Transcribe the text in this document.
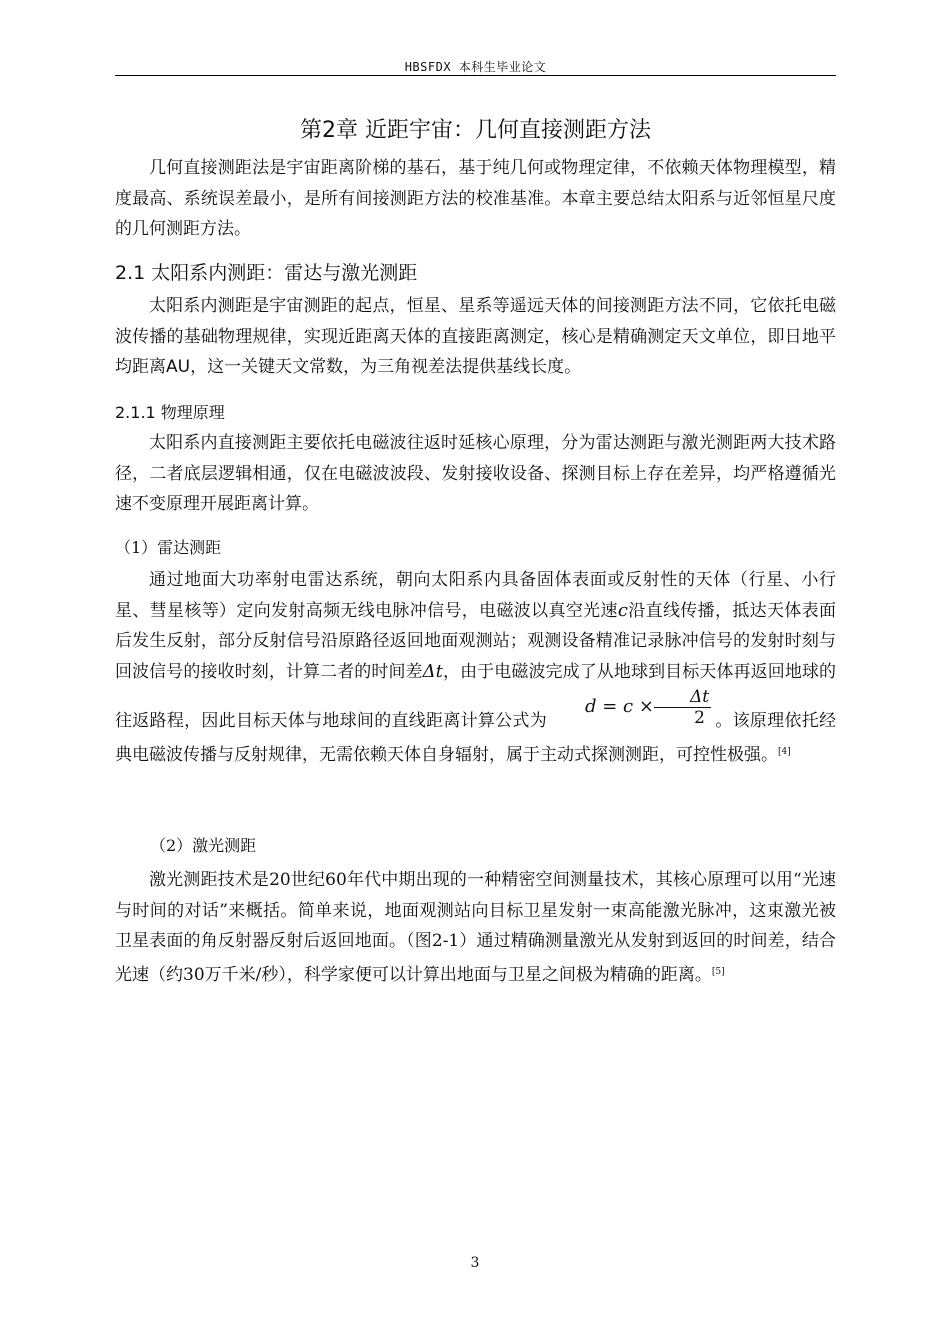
HBSFDX 本科生毕业论文
第2章 近距宇宙：几何直接测距方法

几何直接测距法是宇宙距离阶梯的基石，基于纯几何或物理定律，不依赖天体物理模型，精度最高、系统误差最小，是所有间接测距方法的校准基准。本章主要总结太阳系与近邻恒星尺度的几何测距方法。

2.1 太阳系内测距：雷达与激光测距

太阳系内测距是宇宙测距的起点，恒星、星系等遥远天体的间接测距方法不同，它依托电磁波传播的基础物理规律，实现近距离天体的直接距离测定，核心是精确测定天文单位，即日地平均距离AU，这一关键天文常数，为三角视差法提供基线长度。

2.1.1 物理原理

太阳系内直接测距主要依托电磁波往返时延核心原理，分为雷达测距与激光测距两大技术路径，二者底层逻辑相通，仅在电磁波波段、发射接收设备、探测目标上存在差异，均严格遵循光速不变原理开展距离计算。

（1）雷达测距

通过地面大功率射电雷达系统，朝向太阳系内具备固体表面或反射性的天体（行星、小行星、彗星核等）定向发射高频无线电脉冲信号，电磁波以真空光速c沿直线传播，抵达天体表面后发生反射，部分反射信号沿原路径返回地面观测站；观测设备精准记录脉冲信号的发射时刻与回波信号的接收时刻，计算二者的时间差Δt，由于电磁波完成了从地球到目标天体再返回地球的往返路程，因此目标天体与地球间的直线距离计算公式为$d = c \times \frac{\Delta t}{2}$ 。该原理依托经典电磁波传播与反射规律，无需依赖天体自身辐射，属于主动式探测测距，可控性极强。[4]

（2）激光测距

激光测距技术是20世纪60年代中期出现的一种精密空间测量技术，其核心原理可以用“光速与时间的对话”来概括。简单来说，地面观测站向目标卫星发射一束高能激光脉冲，这束激光被卫星表面的角反射器反射后返回地面。（图2-1）通过精确测量激光从发射到返回的时间差，结合光速（约30万千米/秒），科学家便可以计算出地面与卫星之间极为精确的距离。[5]

3
